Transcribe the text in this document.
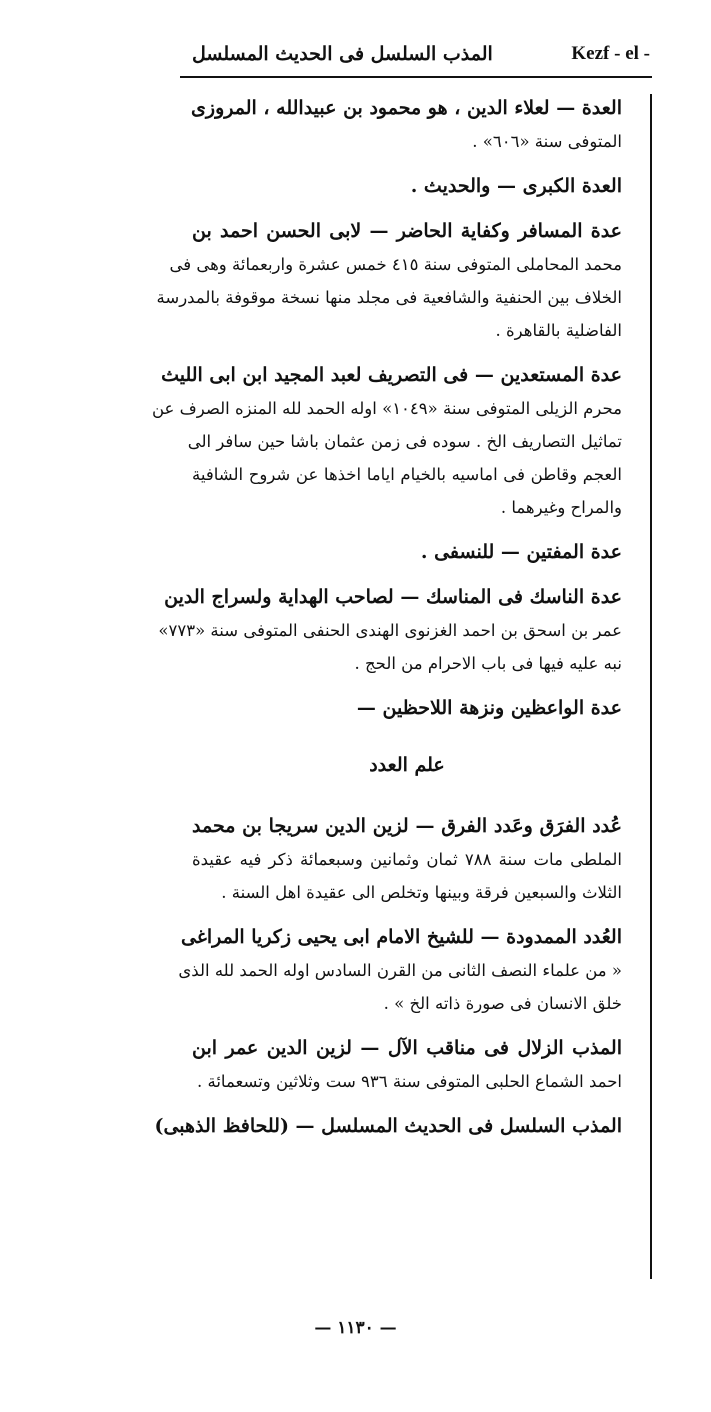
المذب السلسل فى الحديث المسلسل	Kezf - el -
العدة — لعلاء الدين ، هو محمود بن عبيدالله ، المروزى
المتوفى سنة «٦٠٦» .
العدة الكبرى — والحديث .
عدة المسافر وكفاية الحاضر — لابى الحسن احمد بن
محمد المحاملى المتوفى سنة ٤١٥ خمس عشرة واربعمائة وهى فى
الخلاف بين الحنفية والشافعية فى مجلد منها نسخة موقوفة بالمدرسة
الفاضلية بالقاهرة .
عدة المستعدين — فى التصريف لعبد المجيد ابن ابى الليث
محرم الزيلى المتوفى سنة «١٠٤٩» اوله الحمد لله المنزه الصرف عن
تماثيل التصاريف الخ . سوده فى زمن عثمان باشا حين سافر الى
العجم وقاطن فى اماسيه بالخيام اياما اخذها عن شروح الشافية
والمراح وغيرهما .
عدة المفتين — للنسفى .
عدة الناسك فى المناسك — لصاحب الهداية ولسراج الدين
عمر بن اسحق بن احمد الغزنوى الهندى الحنفى المتوفى سنة «٧٧٣»
نبه عليه فيها فى باب الاحرام من الحج .
عدة الواعظين ونزهة اللاحظين —
علم العدد
عُدد الفرَق وعَدد الفرق — لزين الدين سريجا بن محمد
الملطى مات سنة ٧٨٨ ثمان وثمانين وسبعمائة ذكر فيه عقيدة
الثلاث والسبعين فرقة وبينها وتخلص الى عقيدة اهل السنة .
العُدد الممدودة — للشيخ الامام ابى يحيى زكريا المراغى
« من علماء النصف الثانى من القرن السادس اوله الحمد لله الذى
خلق الانسان فى صورة ذاته الخ » .
المذب الزلال فى مناقب الآل — لزين الدين عمر ابن
احمد الشماع الحلبى المتوفى سنة ٩٣٦ ست وثلاثين وتسعمائة .
المذب السلسل فى الحديث المسلسل — (للحافظ الذهبى)
— ١١٣٠ —
